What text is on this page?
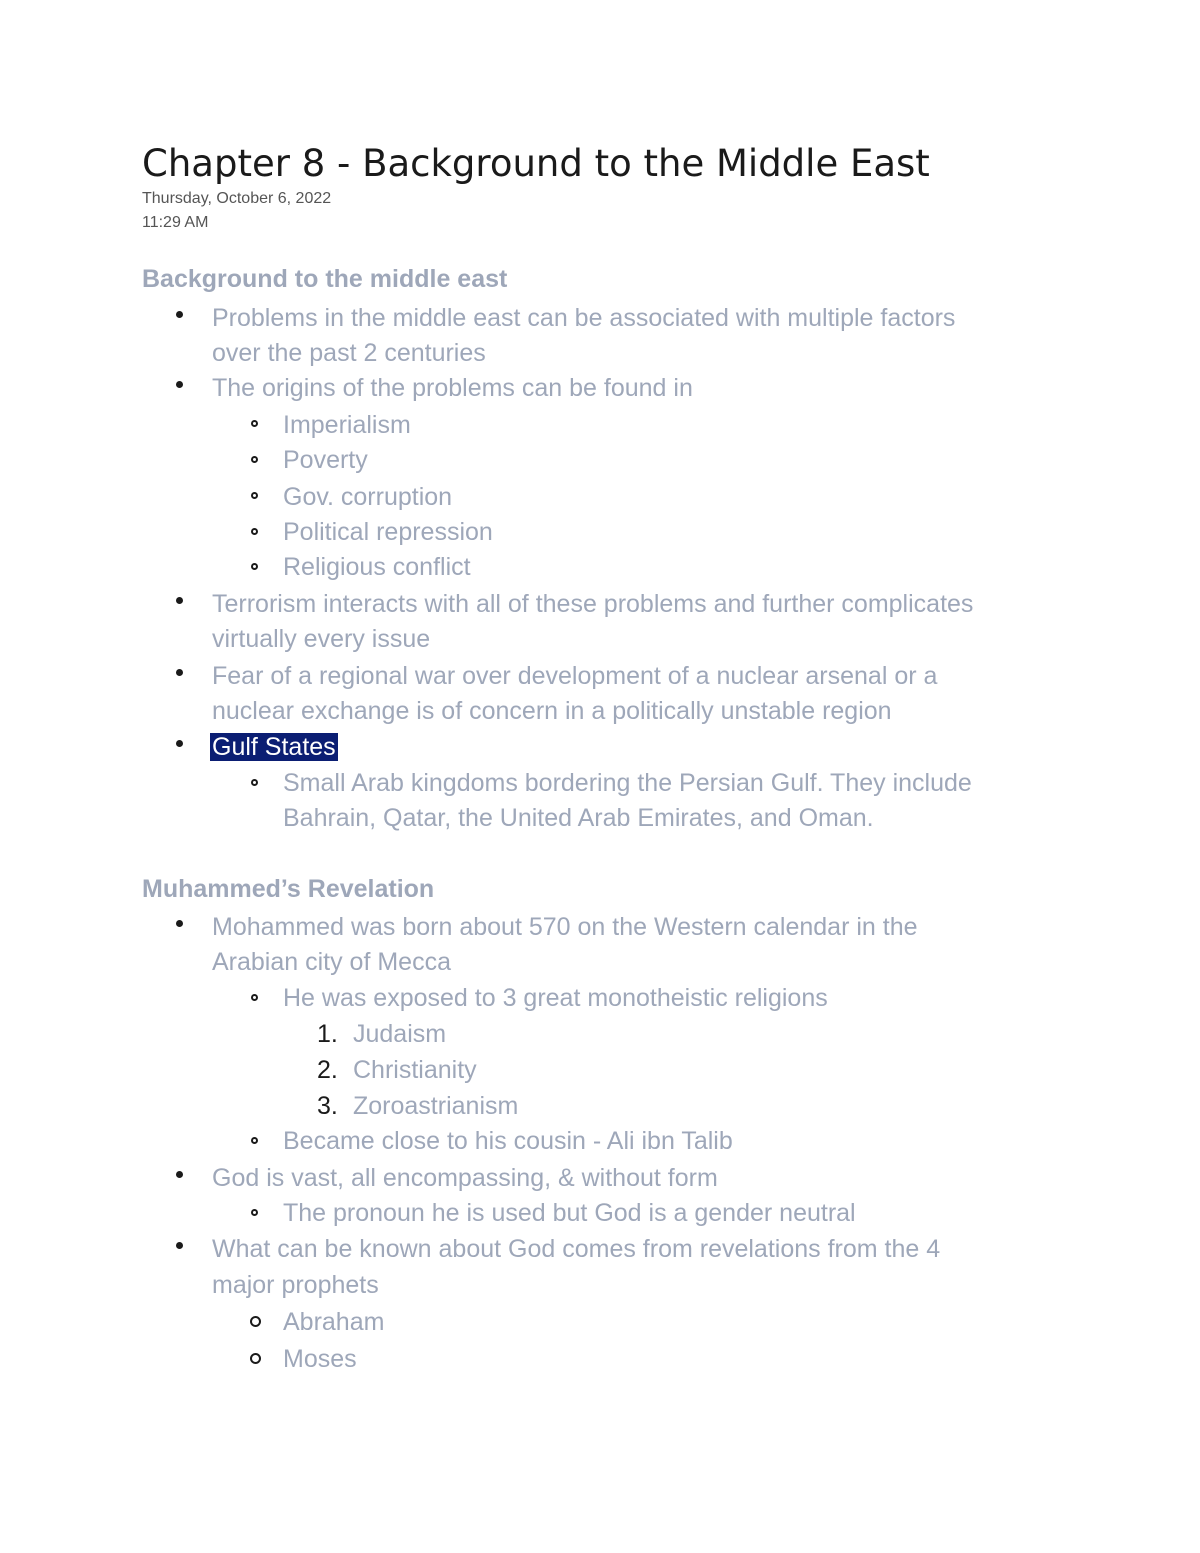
Chapter 8 - Background to the Middle East
Thursday, October 6, 2022
11:29 AM
Background to the middle east
Problems in the middle east can be associated with multiple factors
over the past 2 centuries
The origins of the problems can be found in
Imperialism
Poverty
Gov. corruption
Political repression
Religious conflict
Terrorism interacts with all of these problems and further complicates
virtually every issue
Fear of a regional war over development of a nuclear arsenal or a
nuclear exchange is of concern in a politically unstable region
Gulf States
Small Arab kingdoms bordering the Persian Gulf. They include
Bahrain, Qatar, the United Arab Emirates, and Oman.
Muhammed’s Revelation
Mohammed was born about 570 on the Western calendar in the
Arabian city of Mecca
He was exposed to 3 great monotheistic religions
1. Judaism
2. Christianity
3. Zoroastrianism
Became close to his cousin - Ali ibn Talib
God is vast, all encompassing, & without form
The pronoun he is used but God is a gender neutral
What can be known about God comes from revelations from the 4
major prophets
Abraham
Moses
